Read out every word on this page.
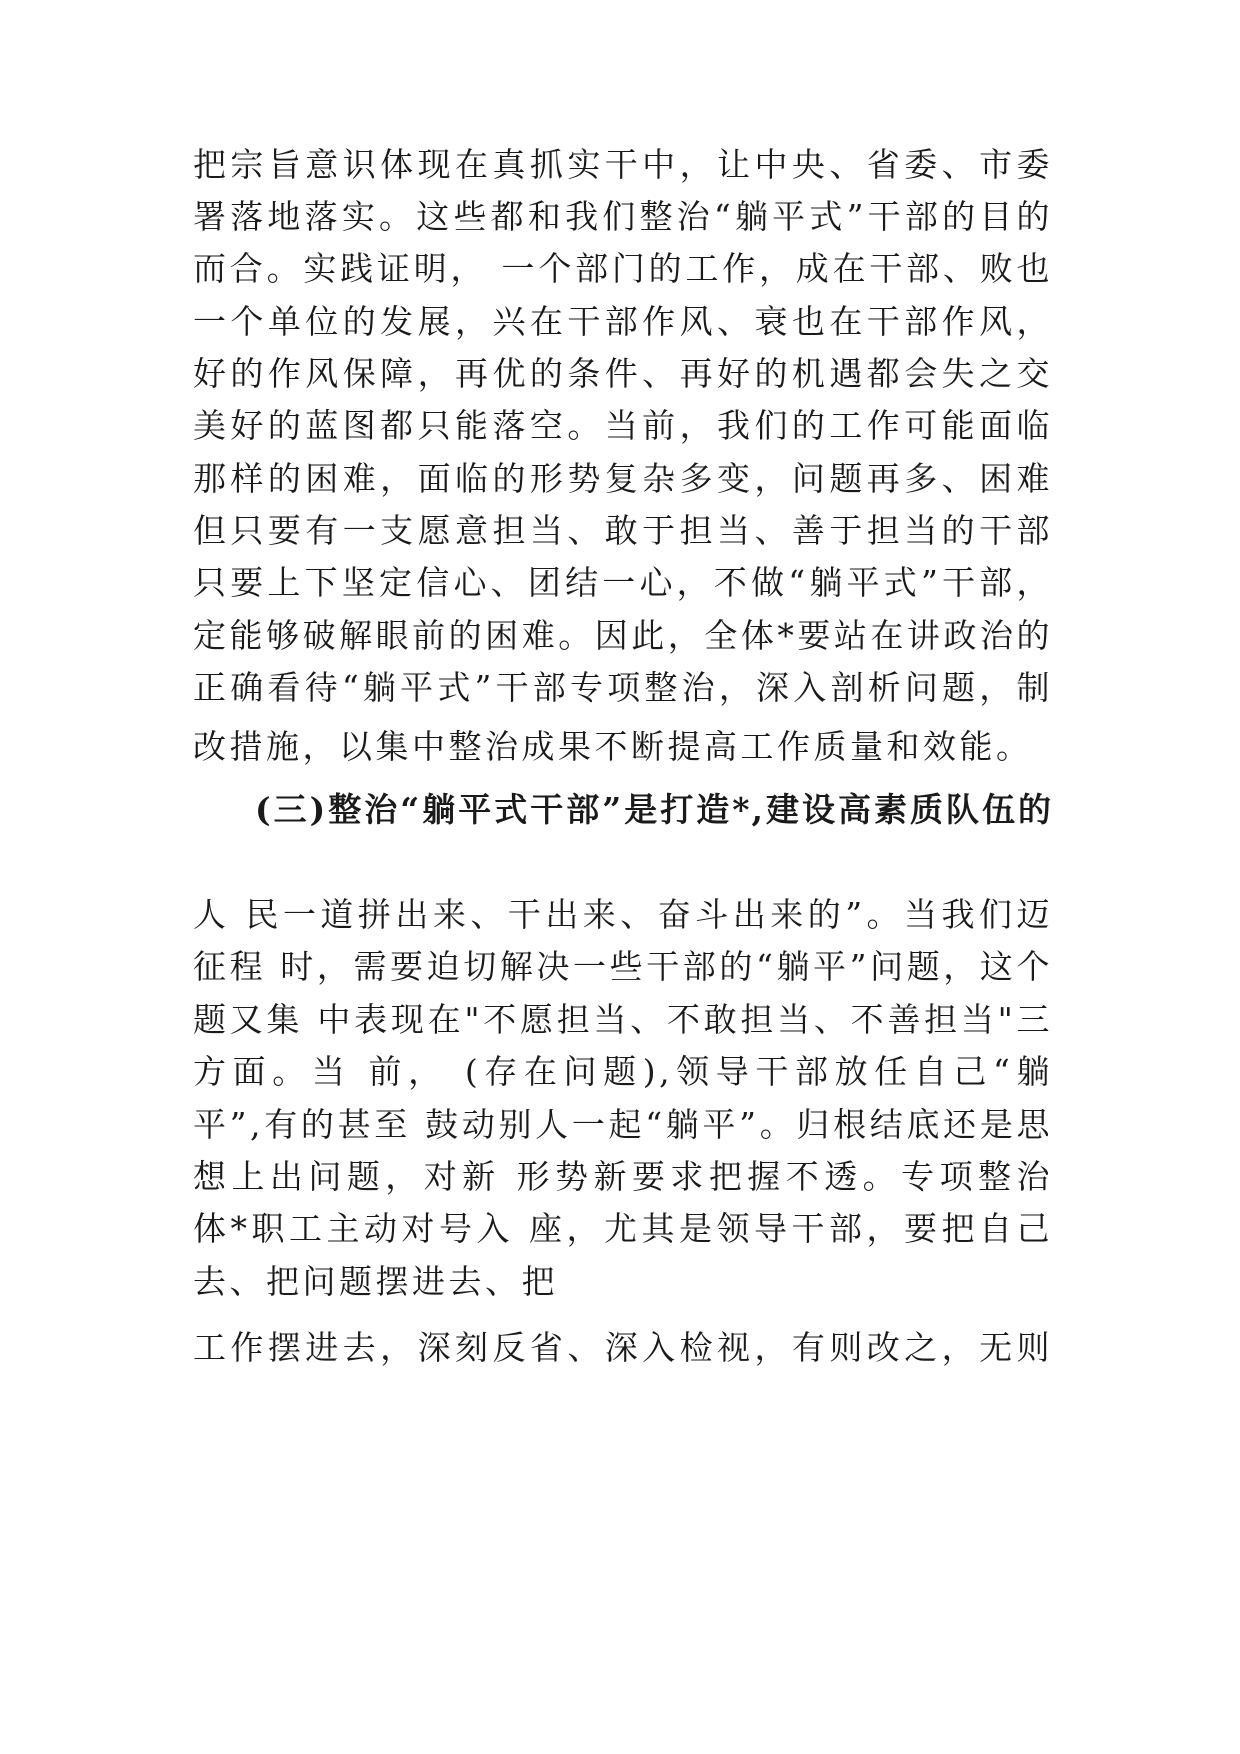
把宗旨意识体现在真抓实干中，让中央、省委、市委
署落地落实。这些都和我们整治“躺平式”干部的目的
而合。实践证明， 一个部门的工作，成在干部、败也
一个单位的发展，兴在干部作风、衰也在干部作风，
好的作风保障，再优的条件、再好的机遇都会失之交
美好的蓝图都只能落空。当前，我们的工作可能面临
那样的困难，面临的形势复杂多变，问题再多、困难
但只要有一支愿意担当、敢于担当、善于担当的干部
只要上下坚定信心、团结一心，不做“躺平式”干部，
定能够破解眼前的困难。因此，全体*要站在讲政治的
正确看待“躺平式”干部专项整治，深入剖析问题，制
改措施，以集中整治成果不断提高工作质量和效能。
(三)整治“躺平式干部”是打造*,建设高素质队伍的

人 民一道拼出来、干出来、奋斗出来的”。当我们迈
征程 时，需要迫切解决一些干部的“躺平”问题，这个
题又集 中表现在"不愿担当、不敢担当、不善担当"三
方面。当 前， (存在问题),领导干部放任自己“躺
平”,有的甚至 鼓动别人一起“躺平”。归根结底还是思
想上出问题，对新 形势新要求把握不透。专项整治
体*职工主动对号入 座，尤其是领导干部，要把自己
去、把问题摆进去、把
工作摆进去，深刻反省、深入检视，有则改之，无则
